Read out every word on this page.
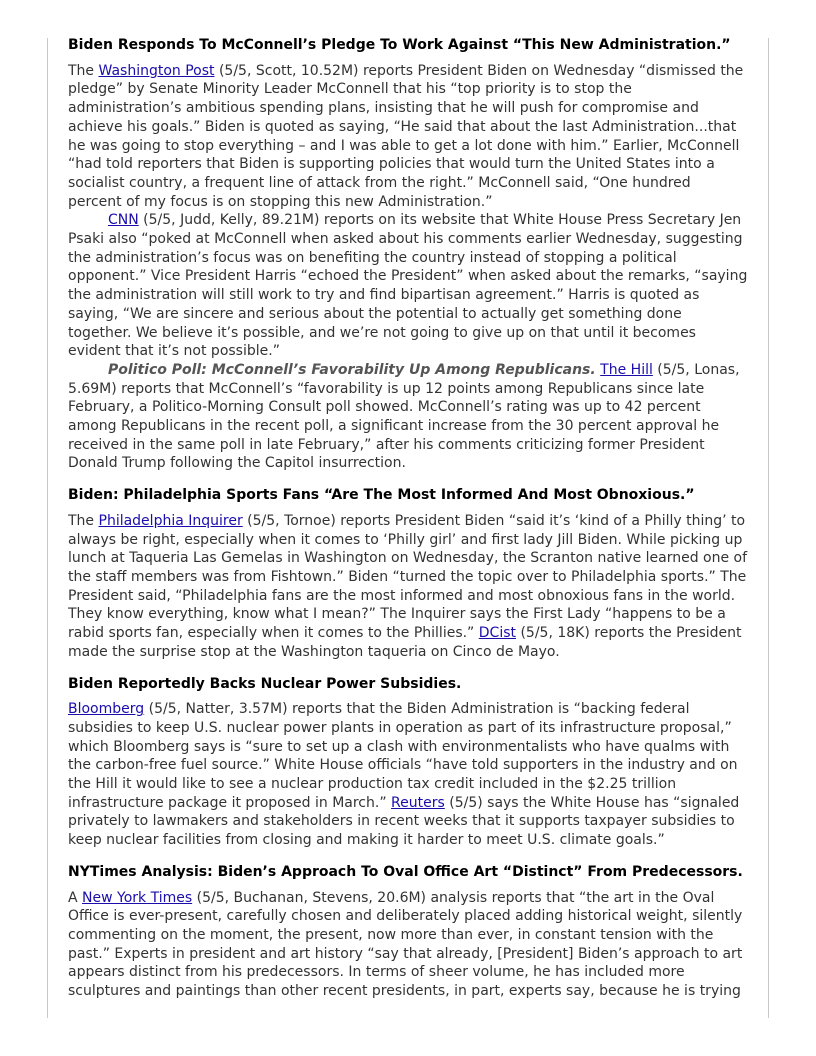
Biden Responds To McConnell’s Pledge To Work Against “This New Administration.”

The Washington Post (5/5, Scott, 10.52M) reports President Biden on Wednesday “dismissed the pledge” by Senate Minority Leader McConnell that his “top priority is to stop the administration’s ambitious spending plans, insisting that he will push for compromise and achieve his goals.” Biden is quoted as saying, “He said that about the last Administration...that he was going to stop everything – and I was able to get a lot done with him.” Earlier, McConnell “had told reporters that Biden is supporting policies that would turn the United States into a socialist country, a frequent line of attack from the right.” McConnell said, “One hundred percent of my focus is on stopping this new Administration.”

CNN (5/5, Judd, Kelly, 89.21M) reports on its website that White House Press Secretary Jen Psaki also “poked at McConnell when asked about his comments earlier Wednesday, suggesting the administration’s focus was on benefiting the country instead of stopping a political opponent.” Vice President Harris “echoed the President” when asked about the remarks, “saying the administration will still work to try and find bipartisan agreement.” Harris is quoted as saying, “We are sincere and serious about the potential to actually get something done together. We believe it’s possible, and we’re not going to give up on that until it becomes evident that it’s not possible.”

Politico Poll: McConnell’s Favorability Up Among Republicans. The Hill (5/5, Lonas, 5.69M) reports that McConnell’s “favorability is up 12 points among Republicans since late February, a Politico-Morning Consult poll showed. McConnell’s rating was up to 42 percent among Republicans in the recent poll, a significant increase from the 30 percent approval he received in the same poll in late February,” after his comments criticizing former President Donald Trump following the Capitol insurrection.

Biden: Philadelphia Sports Fans “Are The Most Informed And Most Obnoxious.”

The Philadelphia Inquirer (5/5, Tornoe) reports President Biden “said it’s ‘kind of a Philly thing’ to always be right, especially when it comes to ‘Philly girl’ and first lady Jill Biden. While picking up lunch at Taqueria Las Gemelas in Washington on Wednesday, the Scranton native learned one of the staff members was from Fishtown.” Biden “turned the topic over to Philadelphia sports.” The President said, “Philadelphia fans are the most informed and most obnoxious fans in the world. They know everything, know what I mean?” The Inquirer says the First Lady “happens to be a rabid sports fan, especially when it comes to the Phillies.” DCist (5/5, 18K) reports the President made the surprise stop at the Washington taqueria on Cinco de Mayo.

Biden Reportedly Backs Nuclear Power Subsidies.

Bloomberg (5/5, Natter, 3.57M) reports that the Biden Administration is “backing federal subsidies to keep U.S. nuclear power plants in operation as part of its infrastructure proposal,” which Bloomberg says is “sure to set up a clash with environmentalists who have qualms with the carbon-free fuel source.” White House officials “have told supporters in the industry and on the Hill it would like to see a nuclear production tax credit included in the $2.25 trillion infrastructure package it proposed in March.” Reuters (5/5) says the White House has “signaled privately to lawmakers and stakeholders in recent weeks that it supports taxpayer subsidies to keep nuclear facilities from closing and making it harder to meet U.S. climate goals.”

NYTimes Analysis: Biden’s Approach To Oval Office Art “Distinct” From Predecessors.

A New York Times (5/5, Buchanan, Stevens, 20.6M) analysis reports that “the art in the Oval Office is ever-present, carefully chosen and deliberately placed adding historical weight, silently commenting on the moment, the present, now more than ever, in constant tension with the past.” Experts in president and art history “say that already, [President] Biden’s approach to art appears distinct from his predecessors. In terms of sheer volume, he has included more sculptures and paintings than other recent presidents, in part, experts say, because he is trying
